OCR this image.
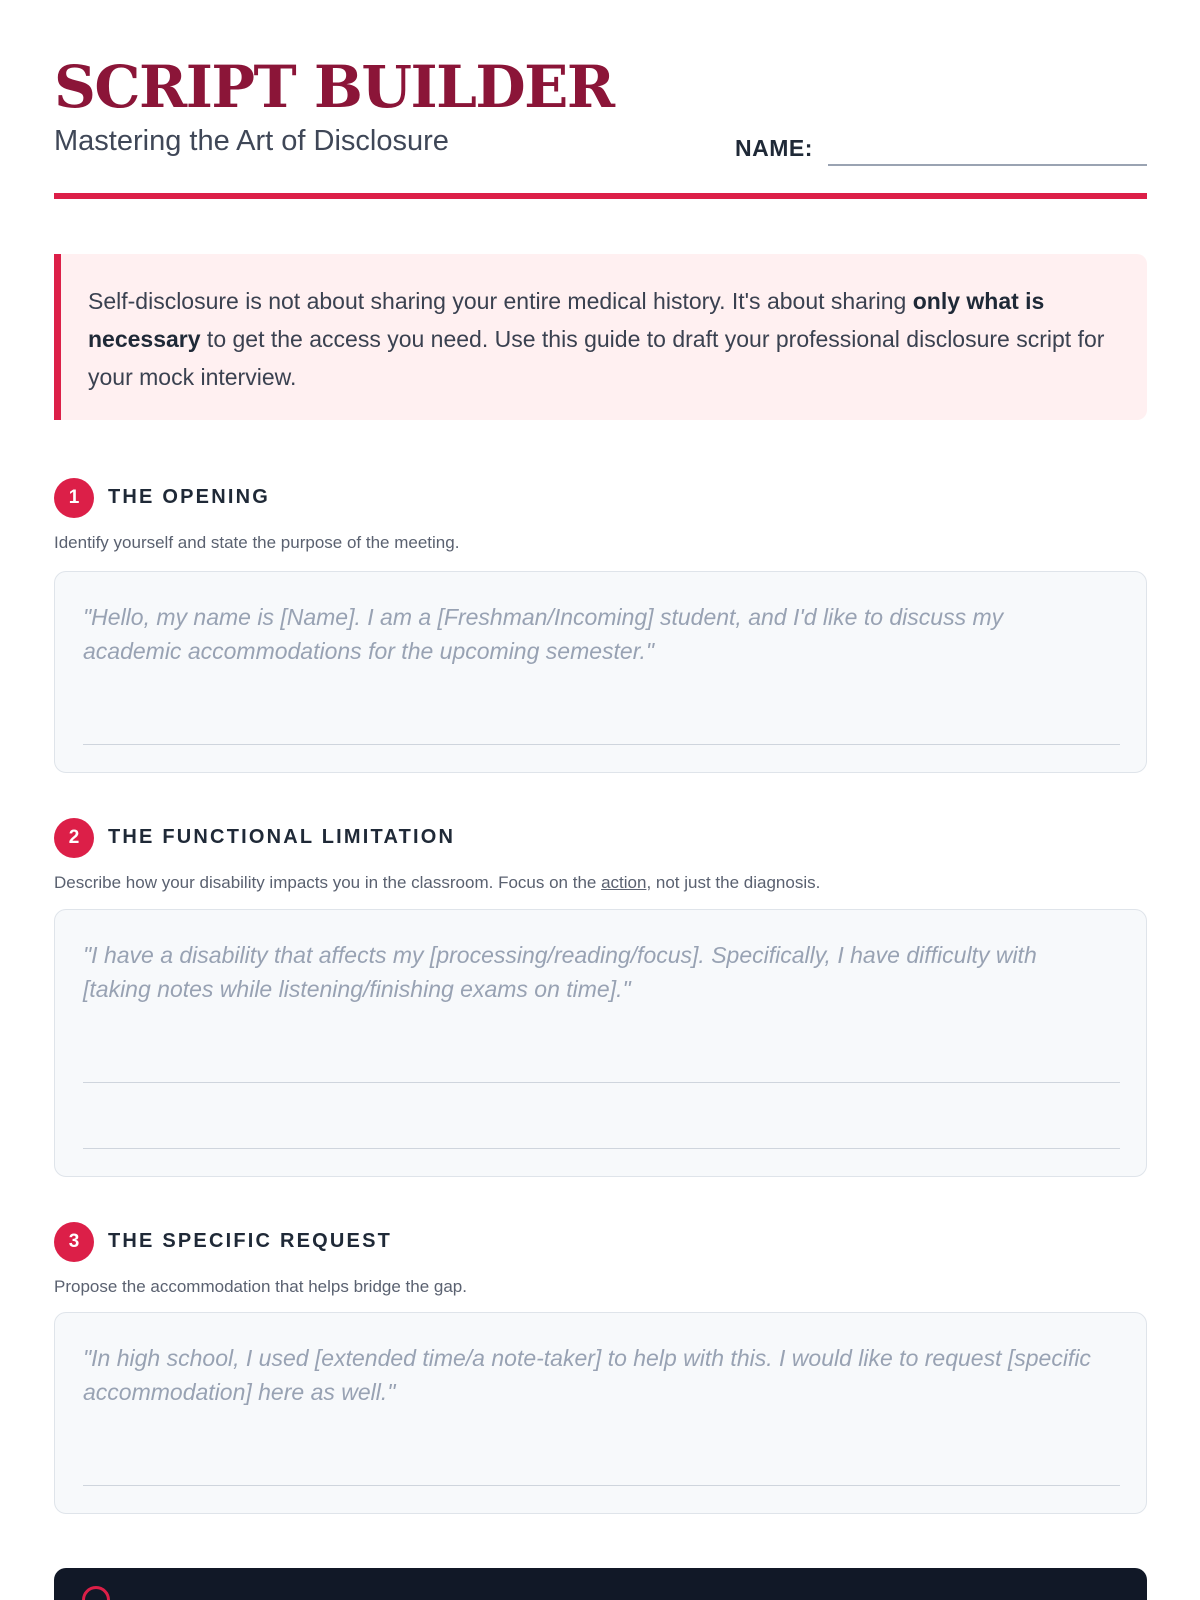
SCRIPT BUILDER
Mastering the Art of Disclosure	NAME:
Self-disclosure is not about sharing your entire medical history. It's about sharing only what is necessary to get the access you need. Use this guide to draft your professional disclosure script for your mock interview.
1	THE OPENING
Identify yourself and state the purpose of the meeting.
"Hello, my name is [Name]. I am a [Freshman/Incoming] student, and I'd like to discuss my academic accommodations for the upcoming semester."
2	THE FUNCTIONAL LIMITATION
Describe how your disability impacts you in the classroom. Focus on the action, not just the diagnosis.
"I have a disability that affects my [processing/reading/focus]. Specifically, I have difficulty with [taking notes while listening/finishing exams on time]."
3	THE SPECIFIC REQUEST
Propose the accommodation that helps bridge the gap.
"In high school, I used [extended time/a note-taker] to help with this. I would like to request [specific accommodation] here as well."
